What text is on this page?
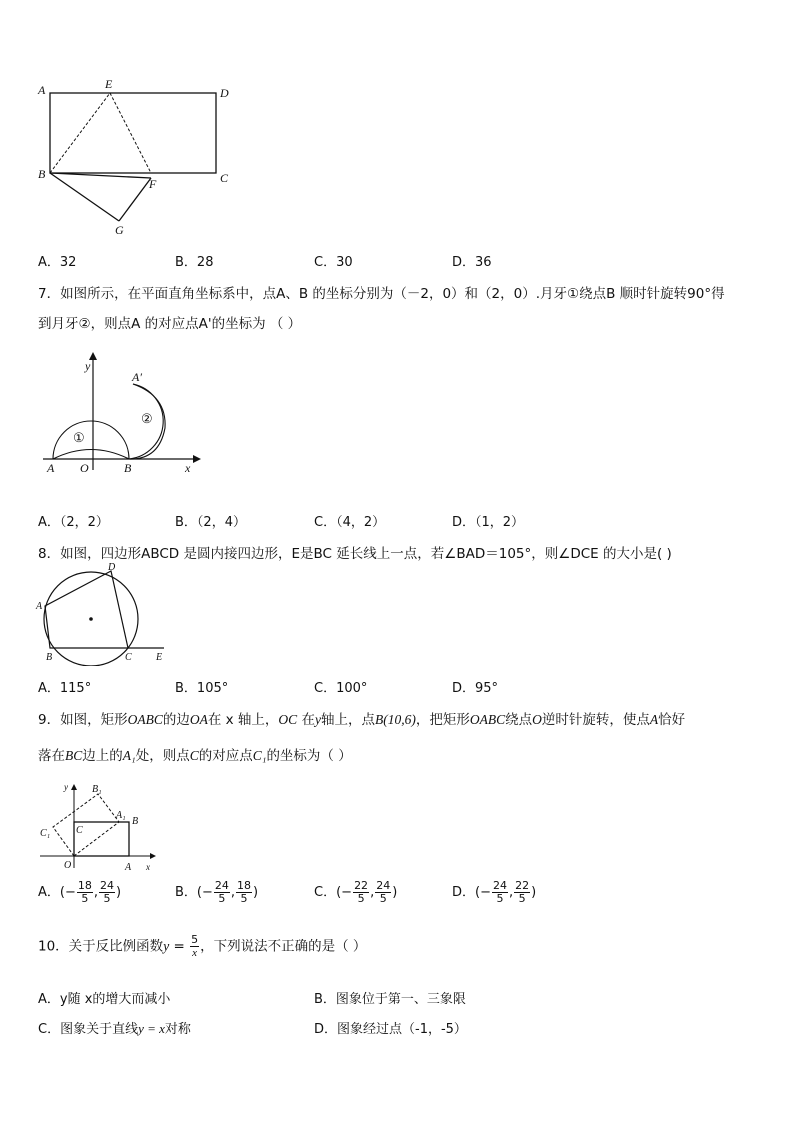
A	E
D
B
F	C
G
A．32	B．28	C．30	D．36
7．如图所示，在平面直角坐标系中，点A、B 的坐标分别为（－2，0）和（2，0）.月牙①绕点B 顺时针旋转90°得
到月牙②，则点A 的对应点A'的坐标为 （ ）
y
x
A O	B
A′
①
②
A．（2，2）	B．（2，4）	C．（4，2）	D．（1，2）
8．如图，四边形ABCD 是圆内接四边形，E是BC 延长线上一点，若∠BAD＝105°，则∠DCE 的大小是( )
A
B	C
D
E
A．115°	B．105°	C．100°	D．95°
9．如图，矩形OABC的边OA在 x 轴上，OC 在y轴上，点B(10,6)，把矩形OABC绕点O逆时针旋转，使点A恰好
落在BC边上的A₁处，则点C的对应点C₁的坐标为（ ）
y
x
O	A
B
C
B₁
A₁
C₁
A．(− $\frac{18}{5}$ , $\frac{24}{5}$ )	B．(− $\frac{24}{5}$ , $\frac{18}{5}$ )	C．(− $\frac{22}{5}$ , $\frac{24}{5}$ )	D．(− $\frac{24}{5}$ , $\frac{22}{5}$ )
10．关于反比例函数$y = \frac{5}{x}$ ，下列说法不正确的是（ ）
A．y随 x的增大而减小	B．图象位于第一、三象限
C．图象关于直线y = x对称	D．图象经过点（-1，-5）
